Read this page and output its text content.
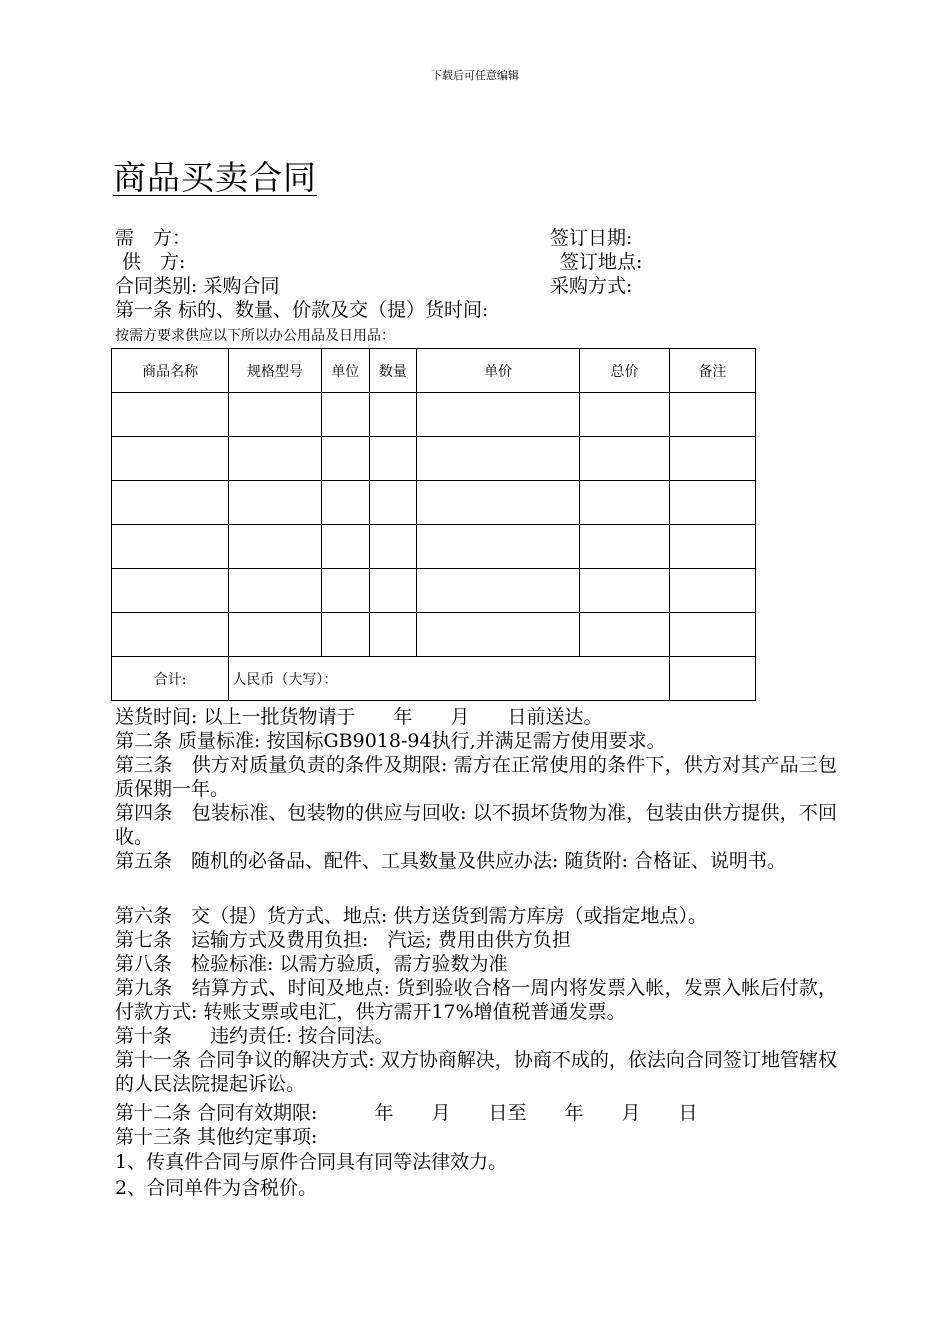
下载后可任意编辑
商品买卖合同
需　方：	签订日期:
供　方:	签订地点:
合同类别: 采购合同	采购方式:
第一条 标的、数量、价款及交（提）货时间:
按需方要求供应以下所以办公用品及日用品：
商品名称	规格型号	单位	数量	单价	总价	备注

合计:	人民币（大写）：					
送货时间: 以上一批货物请于　　年　　月　　日前送达。
第二条 质量标准: 按国标GB9018-94执行,并满足需方使用要求。
第三条　供方对质量负责的条件及期限: 需方在正常使用的条件下，供方对其产品三包质保期一年。
第四条　包装标准、包装物的供应与回收: 以不损坏货物为准，包装由供方提供，不回收。
第五条　随机的必备品、配件、工具数量及供应办法: 随货附: 合格证、说明书。
第六条　交（提）货方式、地点: 供方送货到需方库房（或指定地点）。
第七条　运输方式及费用负担:　汽运; 费用由供方负担
第八条　检验标准: 以需方验质，需方验数为准
第九条　结算方式、时间及地点: 货到验收合格一周内将发票入帐，发票入帐后付款，付款方式: 转账支票或电汇，供方需开17%增值税普通发票。
第十条　　违约责任: 按合同法。
第十一条 合同争议的解决方式: 双方协商解决，协商不成的，依法向合同签订地管辖权的人民法院提起诉讼。
第十二条 合同有效期限:　　　年　　月　　日至　　年　　月　　日
第十三条 其他约定事项:
1、传真件合同与原件合同具有同等法律效力。
2、合同单件为含税价。
